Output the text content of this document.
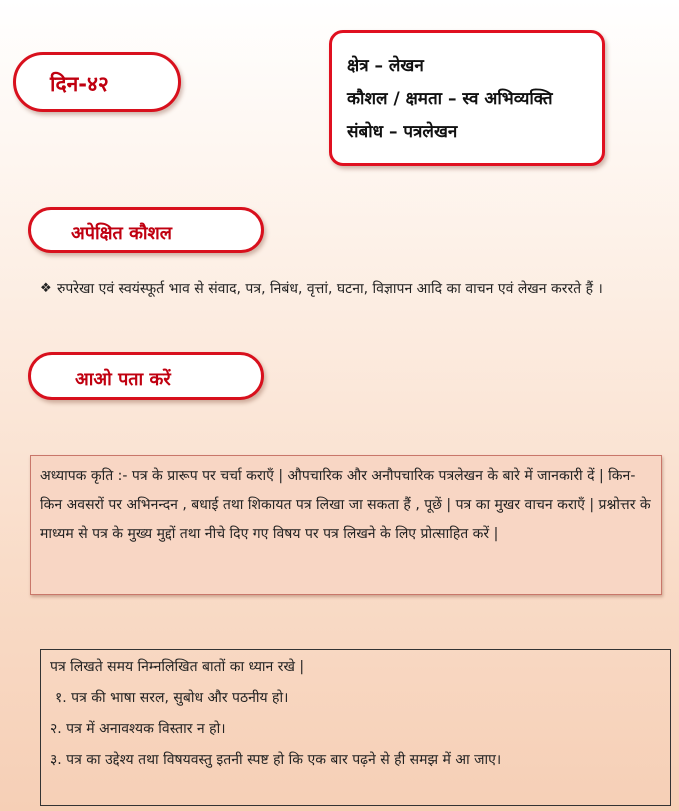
दिन-४२
क्षेत्र – लेखन
कौशल / क्षमता – स्व अभिव्यक्ति
संबोध – पत्रलेखन
अपेक्षित कौशल
❖ रुपरेखा एवं स्वयंस्फूर्त भाव से संवाद, पत्र, निबंध, वृत्तां, घटना, विज्ञापन आदि का वाचन एवं लेखन कररते हैं ।
आओ पता करें
अध्यापक कृति :- पत्र के प्रारूप पर चर्चा कराएँ | औपचारिक और अनौपचारिक पत्रलेखन के बारे में जानकारी दें | किन-किन अवसरों पर अभिनन्दन , बधाई तथा शिकायत पत्र लिखा जा सकता हैं , पूछें | पत्र का मुखर वाचन कराएँ | प्रश्नोत्तर के माध्यम से पत्र के मुख्य मुद्दों तथा नीचे दिए गए विषय पर पत्र लिखने के लिए प्रोत्साहित करें |
पत्र लिखते समय निम्नलिखित बातों का ध्यान रखे |
१. पत्र की भाषा सरल, सुबोध और पठनीय हो।
२. पत्र में अनावश्यक विस्तार न हो।
३. पत्र का उद्देश्य तथा विषयवस्तु इतनी स्पष्ट हो कि एक बार पढ़ने से ही समझ में आ जाए।
